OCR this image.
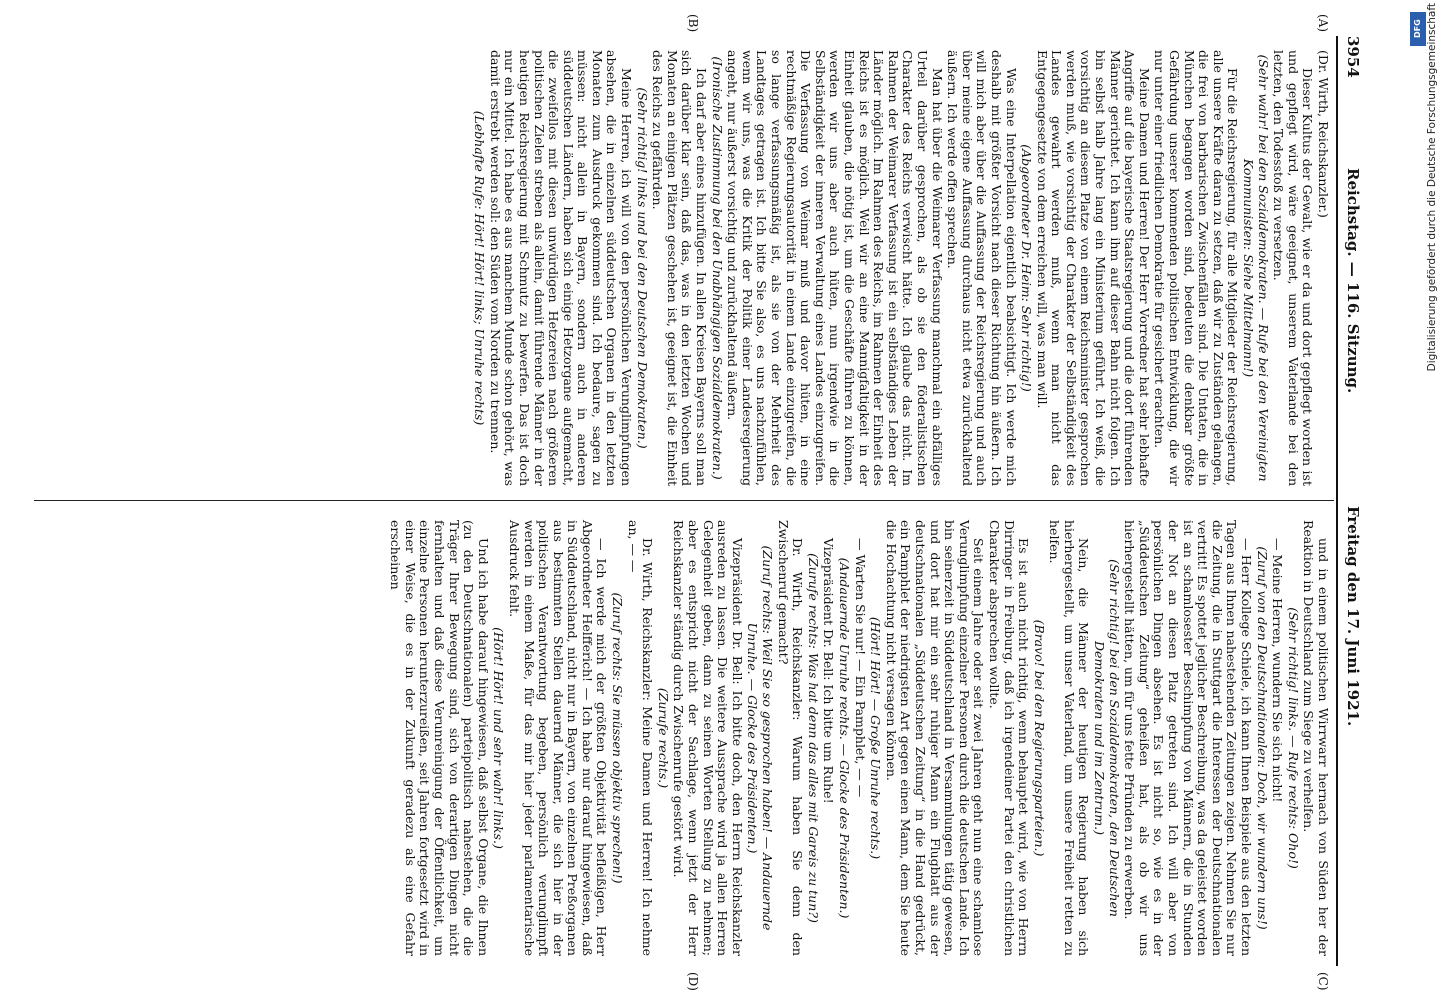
3954
Reichstag. — 116. Sitzung.
Freitag den 17. Juni 1921.
(A)
(B)
(C)
(D)

(Dr. Wirth, Reichskanzler.)

Dieser Kultus der Gewalt, wie er da und dort gepflegt worden ist und gepflegt wird, wäre geeignet, unserem Vaterlande bei den letzten, den Todesstoß zu versetzen.

(Sehr wahr! bei den Sozialdemokraten. — Rufe bei den Vereinigten Kommunisten: Siehe Mittelmann!)

Für die Reichsregierung, für alle Mitglieder der Reichsregierung, alle unsere Kräfte daran zu setzen, daß wir zu Zuständen gelangen, die frei von barbarischen Zwischenfällen sind. Die Untaten, die in München begangen worden sind, bedeuten die denkbar größte Gefährdung unserer kommenden politischen Entwicklung, die wir nur unter einer friedlichen Demokratie für gesichert erachten.

Meine Damen und Herren! Der Herr Vorredner hat sehr lebhafte Angriffe auf die bayerische Staatsregierung und die dort führenden Männer gerichtet. Ich kann ihm auf dieser Bahn nicht folgen. Ich bin selbst halb Jahre lang ein Ministerium geführt. Ich weiß, die vorsichtig an diesem Platze von einem Reichsminister gesprochen werden muß, wie vorsichtig der Charakter der Selbständigkeit des Landes gewahrt werden muß, wenn man nicht das Entgegengesetzte von dem erreichen will, was man will.

(Abgeordneter Dr. Heim: Sehr richtig!)

Was eine Interpellation eigentlich beabsichtigt. Ich werde mich deshalb mit größter Vorsicht nach dieser Richtung hin äußern. Ich will mich aber über die Auffassung der Reichsregierung und auch über meine eigene Auffassung durchaus nicht etwa zurückhaltend äußern. Ich werde offen sprechen.

Man hat über die Weimarer Verfassung manchmal ein abfälliges Urteil darüber gesprochen, als ob sie den föderalistischen Charakter des Reichs verwischt hätte. Ich glaube das nicht. Im Rahmen der Weimarer Verfassung ist ein selbständiges Leben der Länder möglich. Im Rahmen des Reichs, im Rahmen der Einheit des Reichs ist es möglich. Weil wir an eine Mannigfaltigkeit in der Einheit glauben, die nötig ist, um die Geschäfte führen zu können, werden wir uns aber auch hüten, nun irgendwie in die Selbständigkeit der inneren Verwaltung eines Landes einzugreifen. Die Verfassung von Weimar muß und davor hüten, in eine rechtmäßige Regierungsautorität in einem Lande einzugreifen, die so lange verfassungsmäßig ist, als sie von der Mehrheit des Landtages getragen ist. Ich bitte Sie also, es uns nachzufühlen, wenn wir uns, was die Kritik der Politik einer Landesregierung angeht, nur äußerst vorsichtig und zurückhaltend äußern.

(Ironische Zustimmung bei den Unabhängigen Sozialdemokraten.)

Ich darf aber eines hinzufügen. In allen Kreisen Bayerns soll man sich darüber klar sein, daß das, was in den letzten Wochen und Monaten an einigen Plätzen geschehen ist, geeignet ist, die Einheit des Reichs zu gefährden.

(Sehr richtig! links und bei den Deutschen Demokraten.)

Meine Herren, ich will von den persönlichen Verunglimpfungen absehen, die in einzelnen süddeutschen Organen in den letzten Monaten zum Ausdruck gekommen sind. Ich bedaure, sagen zu müssen: nicht allein in Bayern, sondern auch in anderen süddeutschen Ländern, haben sich einige Hetzorgane aufgemacht, die zweifellos mit diesen unwürdigen Hetzereien nach größeren politischen Zielen streben als allein, damit führende Männer in der heutigen Reichsregierung mit Schmutz zu bewerfen. Das ist doch nur ein Mittel. Ich habe es aus manchem Munde schon gehört, was damit erstrebt werden soll: den Süden vom Norden zu trennen.

(Lebhafte Rufe: Hört! Hört! links; Unruhe rechts)

und in einem politischen Wirrwarr hernach von Süden her der Reaktion in Deutschland zum Siege zu verhelfen.

(Sehr richtig! links. — Rufe rechts: Oho!)

— Meine Herren, wundern Sie sich nicht!

(Zuruf von den Deutschnationalen: Doch, wir wundern uns!)

— Herr Kollege Schiele, ich kann Ihnen Beispiele aus den letzten Tagen aus Ihnen nahestehenden Zeitungen zeigen. Nehmen Sie nur die Zeitung, die in Stuttgart die Interessen der Deutschnationalen vertritt! Es spottet jeglicher Beschreibung, was da geleistet worden ist an schamlosester Beschimpfung von Männern, die in Stunden der Not an diesen Platz getreten sind. Ich will aber von persönlichen Dingen absehen. Es ist nicht so, wie es in der „Süddeutschen Zeitung“ geheißen hat, als ob wir uns hierhergestellt hätten, um für uns fette Pfründen zu erwerben.

(Sehr richtig! bei den Sozialdemokraten, den Deutschen Demokraten und im Zentrum.)

Nein, die Männer der heutigen Regierung haben sich hierhergestellt, um unser Vaterland, um unsere Freiheit retten zu helfen.

(Bravo! bei den Regierungsparteien.)

Es ist auch nicht richtig, wenn behauptet wird, wie von Herrn Dirringer in Freiburg, daß ich irgendeiner Partei den christlichen Charakter absprechen wollte.

Seit einem Jahre oder seit zwei Jahren geht nun eine schamlose Verunglimpfung einzelner Personen durch die deutschen Lande. Ich bin seinerzeit in Süddeutschland in Versammlungen tätig gewesen, und dort hat mir ein sehr ruhiger Mann ein Flugblatt aus der deutschnationalen „Süddeutschen Zeitung“ in die Hand gedrückt, ein Pamphlet der niedrigsten Art gegen einen Mann, dem Sie heute die Hochachtung nicht versagen können.

(Hört! Hört! — Große Unruhe rechts.)

— Warten Sie nur! — Ein Pamphlet, — —

(Andauernde Unruhe rechts. — Glocke des Präsidenten.)

Vizepräsident Dr. Bell: Ich bitte um Ruhe!

(Zurufe rechts: Was hat denn das alles mit Gareis zu tun?)

Dr. Wirth, Reichskanzler: Warum haben Sie denn den Zwischenruf gemacht?

(Zuruf rechts: Weil Sie so gesprochen haben! — Andauernde Unruhe. — Glocke des Präsidenten.)

Vizepräsident Dr. Bell: Ich bitte doch, den Herrn Reichskanzler ausreden zu lassen. Die weitere Aussprache wird ja allen Herren Gelegenheit geben, dann zu seinen Worten Stellung zu nehmen; aber es entspricht nicht der Sachlage, wenn jetzt der Herr Reichskanzler ständig durch Zwischenrufe gestört wird.

(Zurufe rechts.)

Dr. Wirth, Reichskanzler: Meine Damen und Herren! Ich nehme an, — —

(Zuruf rechts: Sie müssen objektiv sprechen!)

— Ich werde mich der größten Objektivität befleißigen, Herr Abgeordneter Helfferich! — Ich habe nur darauf hingewiesen, daß in Süddeutschland, nicht nur in Bayern, von einzelnen Preßorganen aus bestimmten Stellen dauernd Männer, die sich hier in der politischen Verantwortung begeben, persönlich verunglimpft werden in einem Maße, für das mir hier jeder parlamentarische Ausdruck fehlt.

(Hört! Hört! und sehr wahr! links.)

Und ich habe darauf hingewiesen, daß selbst Organe, die Ihnen (zu den Deutschnationalen) parteipolitisch nahestehen, die die Träger Ihrer Bewegung sind, sich von derartigen Dingen nicht fernhalten und daß diese Verunreinigung der Öffentlichkeit, um einzelne Personen herunterzureißen, seit Jahren fortgesetzt wird in einer Weise, die es in der Zukunft geradezu als eine Gefahr erscheinen

DFG Digitalisierung gefördert durch die Deutsche Forschungsgemeinschaft
